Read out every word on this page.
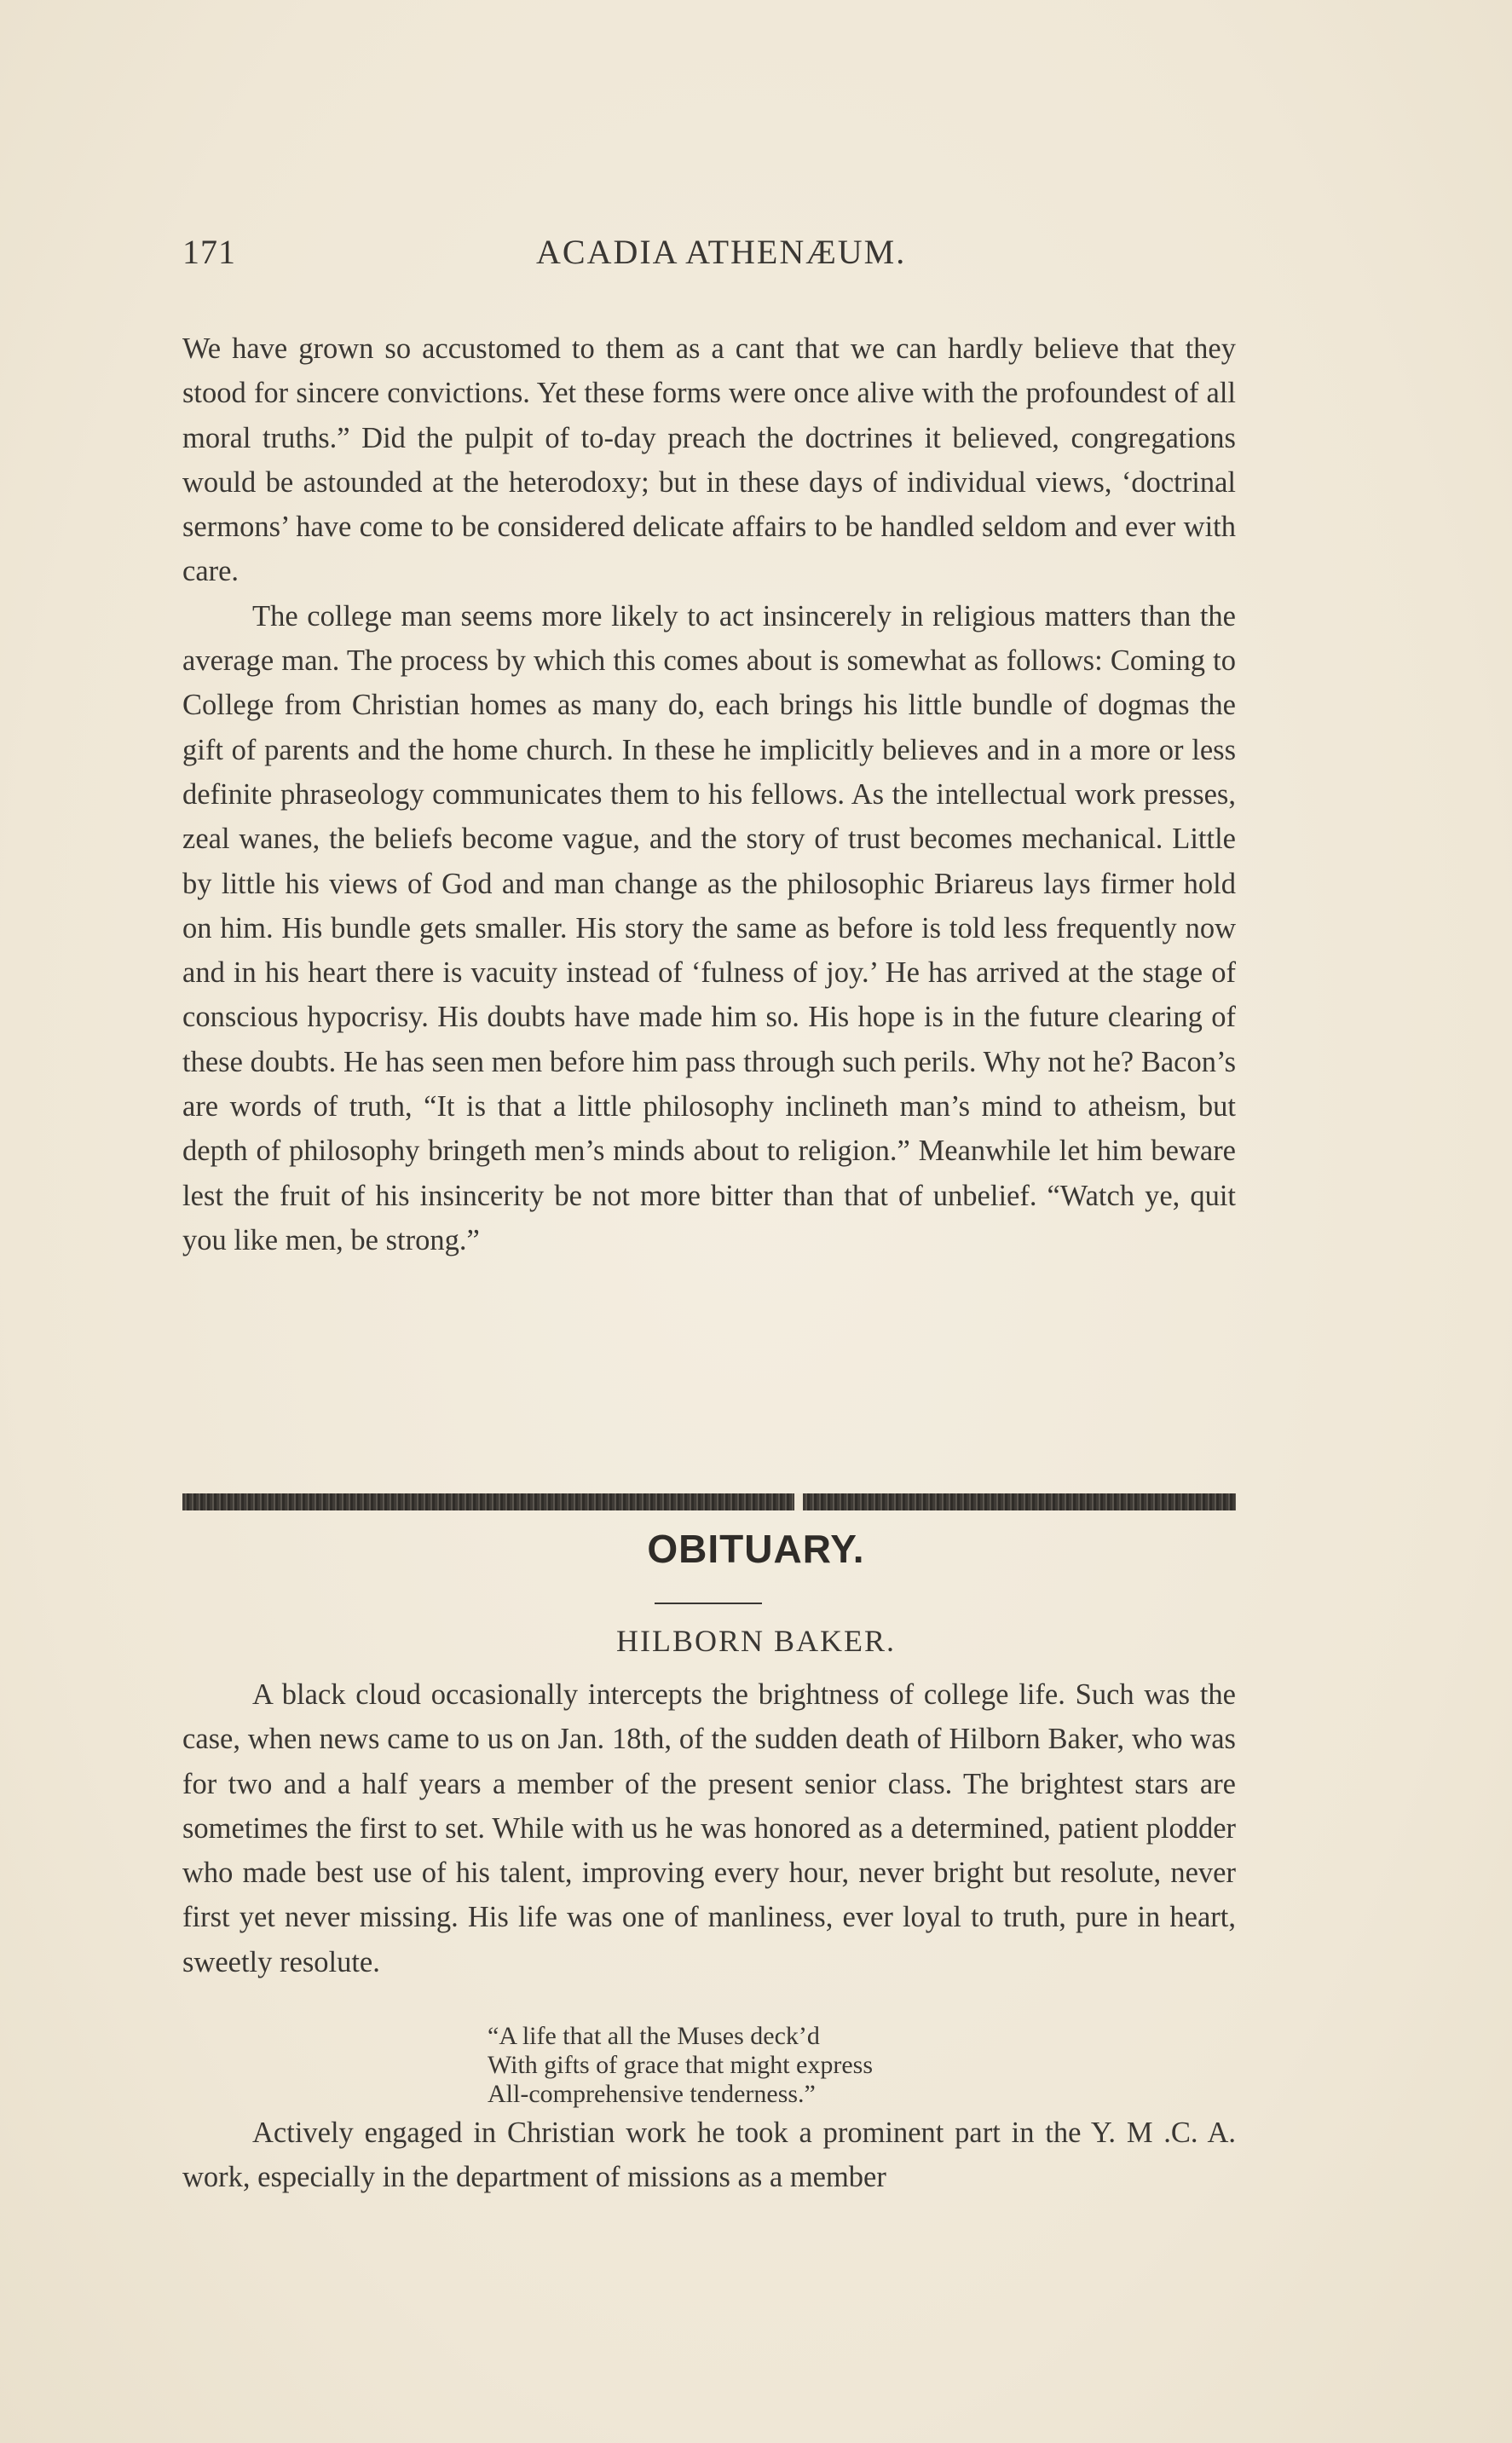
171	ACADIA ATHENÆUM.

We have grown so accustomed to them as a cant that we can hardly believe that they stood for sincere convictions. Yet these forms were once alive with the profoundest of all moral truths.” Did the pulpit of to-day preach the doctrines it believed, congregations would be astounded at the heterodoxy; but in these days of individual views, ‘doctrinal sermons’ have come to be considered delicate affairs to be handled seldom and ever with care.

The college man seems more likely to act insincerely in religious matters than the average man. The process by which this comes about is somewhat as follows: Coming to College from Christian homes as many do, each brings his little bundle of dogmas the gift of parents and the home church. In these he implicitly believes and in a more or less definite phraseology communicates them to his fellows. As the intellectual work presses, zeal wanes, the beliefs become vague, and the story of trust becomes mechanical. Little by little his views of God and man change as the philosophic Briareus lays firmer hold on him. His bundle gets smaller. His story the same as before is told less frequently now and in his heart there is vacuity instead of ‘fulness of joy.’ He has arrived at the stage of conscious hypocrisy. His doubts have made him so. His hope is in the future clearing of these doubts. He has seen men before him pass through such perils. Why not he? Bacon’s are words of truth, “It is that a little philosophy inclineth man’s mind to atheism, but depth of philosophy bringeth men’s minds about to religion.” Meanwhile let him beware lest the fruit of his insincerity be not more bitter than that of unbelief. “Watch ye, quit you like men, be strong.”

OBITUARY.
HILBORN BAKER.

A black cloud occasionally intercepts the brightness of college life. Such was the case, when news came to us on Jan. 18th, of the sudden death of Hilborn Baker, who was for two and a half years a member of the present senior class. The brightest stars are sometimes the first to set. While with us he was honored as a determined, patient plodder who made best use of his talent, improving every hour, never bright but resolute, never first yet never missing. His life was one of manliness, ever loyal to truth, pure in heart, sweetly resolute.

“A life that all the Muses deck’d
With gifts of grace that might express
All-comprehensive tenderness.”

Actively engaged in Christian work he took a prominent part in the Y. M .C. A. work, especially in the department of missions as a member
